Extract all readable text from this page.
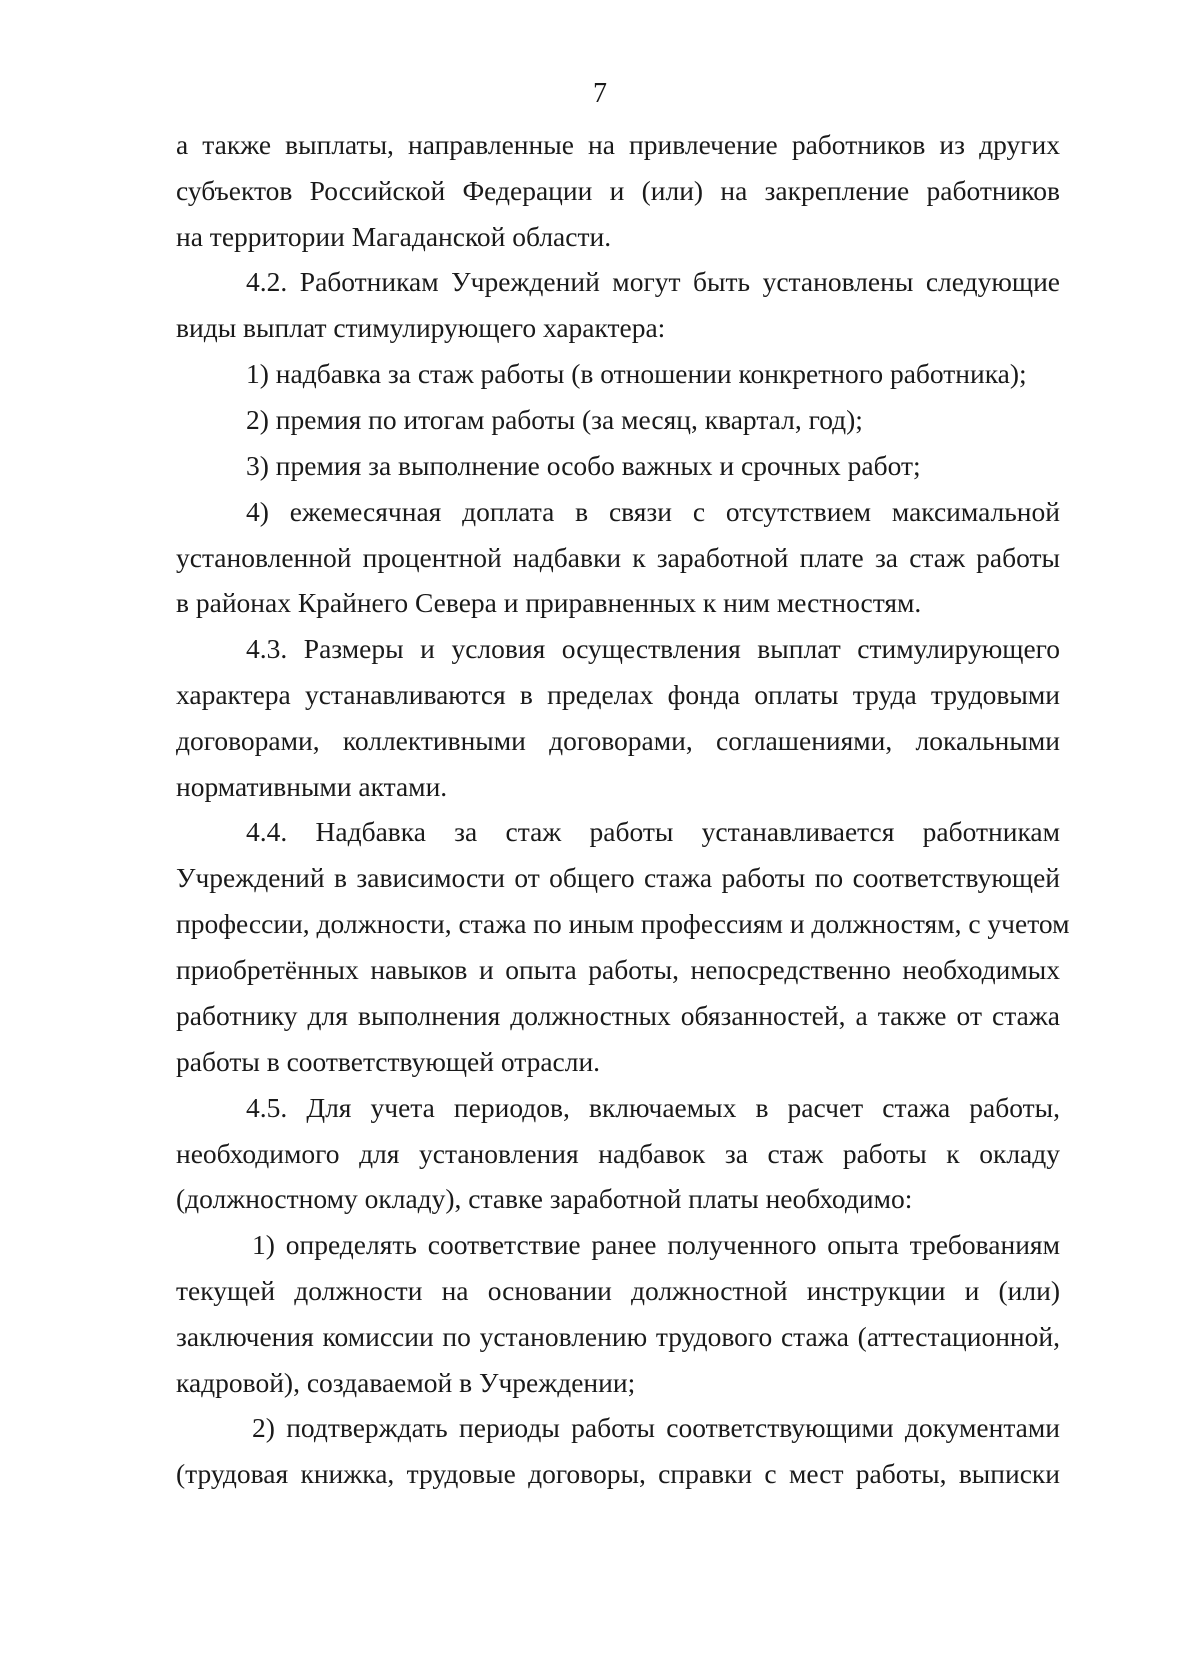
7
а также выплаты, направленные на привлечение работников из других
субъектов Российской Федерации и (или) на закрепление работников
на территории Магаданской области.
4.2. Работникам Учреждений могут быть установлены следующие
виды выплат стимулирующего характера:
1) надбавка за стаж работы (в отношении конкретного работника);
2) премия по итогам работы (за месяц, квартал, год);
3) премия за выполнение особо важных и срочных работ;
4) ежемесячная доплата в связи с отсутствием максимальной
установленной процентной надбавки к заработной плате за стаж работы
в районах Крайнего Севера и приравненных к ним местностям.
4.3. Размеры и условия осуществления выплат стимулирующего
характера устанавливаются в пределах фонда оплаты труда трудовыми
договорами, коллективными договорами, соглашениями, локальными
нормативными актами.
4.4. Надбавка за стаж работы устанавливается работникам
Учреждений в зависимости от общего стажа работы по соответствующей
профессии, должности, стажа по иным профессиям и должностям, с учетом
приобретённых навыков и опыта работы, непосредственно необходимых
работнику для выполнения должностных обязанностей, а также от стажа
работы в соответствующей отрасли.
4.5. Для учета периодов, включаемых в расчет стажа работы,
необходимого для установления надбавок за стаж работы к окладу
(должностному окладу), ставке заработной платы необходимо:
1) определять соответствие ранее полученного опыта требованиям
текущей должности на основании должностной инструкции и (или)
заключения комиссии по установлению трудового стажа (аттестационной,
кадровой), создаваемой в Учреждении;
2) подтверждать периоды работы соответствующими документами
(трудовая книжка, трудовые договоры, справки с мест работы, выписки
